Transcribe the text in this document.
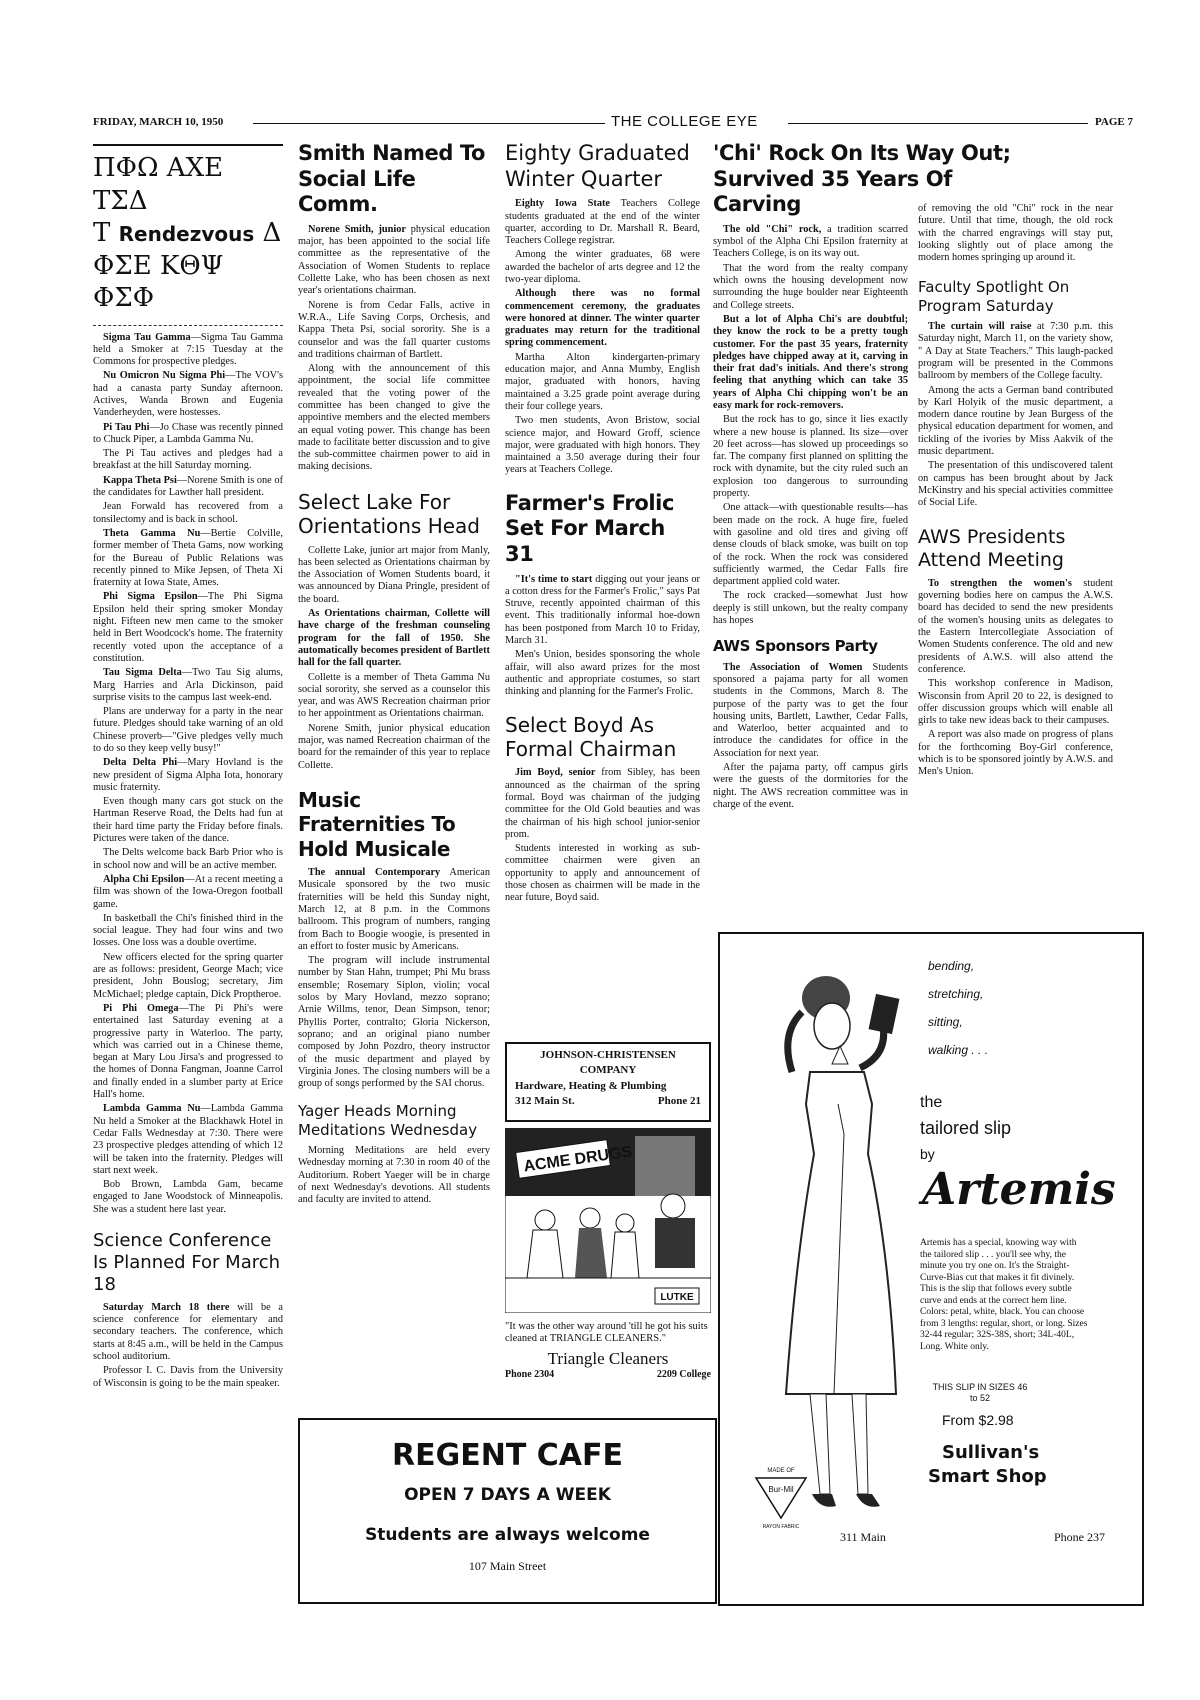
FRIDAY, MARCH 10, 1950	THE COLLEGE EYE	PAGE 7
ΠΦΩ ΑΧΕ ΤΣΔ
Τ Rendezvous Δ
ΦΣΕ ΚΘΨ ΦΣΦ

Sigma Tau Gamma—Sigma Tau Gamma held a Smoker at 7:15 Tuesday at the Commons for prospective pledges.

Nu Omicron Nu Sigma Phi—The VOV's had a canasta party Sunday afternoon. Actives, Wanda Brown and Eugenia Vanderheyden, were hostesses.

Pi Tau Phi—Jo Chase was recently pinned to Chuck Piper, a Lambda Gamma Nu.

The Pi Tau actives and pledges had a breakfast at the hill Saturday morning.

Kappa Theta Psi—Norene Smith is one of the candidates for Lawther hall president.

Jean Forwald has recovered from a tonsilectomy and is back in school.

Theta Gamma Nu—Bertie Colville, former member of Theta Gams, now working for the Bureau of Public Relations was recently pinned to Mike Jepsen, of Theta Xi fraternity at Iowa State, Ames.

Phi Sigma Epsilon—The Phi Sigma Epsilon held their spring smoker Monday night. Fifteen new men came to the smoker held in Bert Woodcock's home. The fraternity recently voted upon the acceptance of a constitution.

Tau Sigma Delta—Two Tau Sig alums, Marg Harries and Arla Dickinson, paid surprise visits to the campus last week-end.

Plans are underway for a party in the near future. Pledges should take warning of an old Chinese proverb—"Give pledges velly much to do so they keep velly busy!"

Delta Delta Phi—Mary Hovland is the new president of Sigma Alpha Iota, honorary music fraternity.

Even though many cars got stuck on the Hartman Reserve Road, the Delts had fun at their hard time party the Friday before finals. Pictures were taken of the dance.

The Delts welcome back Barb Prior who is in school now and will be an active member.

Alpha Chi Epsilon—At a recent meeting a film was shown of the Iowa-Oregon football game.

In basketball the Chi's finished third in the social league. They had four wins and two losses. One loss was a double overtime.

New officers elected for the spring quarter are as follows: president, George Mach; vice president, John Bouslog; secretary, Jim McMichael; pledge captain, Dick Proptheroe.

Pi Phi Omega—The Pi Phi's were entertained last Saturday evening at a progressive party in Waterloo. The party, which was carried out in a Chinese theme, began at Mary Lou Jirsa's and progressed to the homes of Donna Fangman, Joanne Carrol and finally ended in a slumber party at Erice Hall's home.

Lambda Gamma Nu—Lambda Gamma Nu held a Smoker at the Blackhawk Hotel in Cedar Falls Wednesday at 7:30. There were 23 prospective pledges attending of which 12 will be taken into the fraternity. Pledges will start next week.

Bob Brown, Lambda Gam, became engaged to Jane Woodstock of Minneapolis. She was a student here last year.

Science Conference Is Planned For March 18

Saturday March 18 there will be a science conference for elementary and secondary teachers. The conference, which starts at 8:45 a.m., will be held in the Campus school auditorium.

Professor I. C. Davis from the University of Wisconsin is going to be the main speaker.

Smith Named To Social Life Comm.

Norene Smith, junior physical education major, has been appointed to the social life committee as the representative of the Association of Women Students to replace Collette Lake, who has been chosen as next year's orientations chairman.

Norene is from Cedar Falls, active in W.R.A., Life Saving Corps, Orchesis, and Kappa Theta Psi, social sorority. She is a counselor and was the fall quarter customs and traditions chairman of Bartlett.

Along with the announcement of this appointment, the social life committee revealed that the voting power of the committee has been changed to give the appointive members and the elected members an equal voting power. This change has been made to facilitate better discussion and to give the sub-committee chairmen power to aid in making decisions.

Select Lake For Orientations Head

Collette Lake, junior art major from Manly, has been selected as Orientations chairman by the Association of Women Students board, it was announced by Diana Pringle, president of the board.

As Orientations chairman, Collette will have charge of the freshman counseling program for the fall of 1950. She automatically becomes president of Bartlett hall for the fall quarter.

Collette is a member of Theta Gamma Nu social sorority, she served as a counselor this year, and was AWS Recreation chairman prior to her appointment as Orientations chairman.

Norene Smith, junior physical education major, was named Recreation chairman of the board for the remainder of this year to replace Collette.

Music Fraternities To Hold Musicale

The annual Contemporary American Musicale sponsored by the two music fraternities will be held this Sunday night, March 12, at 8 p.m. in the Commons ballroom. This program of numbers, ranging from Bach to Boogie woogie, is presented in an effort to foster music by Americans.

The program will include instrumental number by Stan Hahn, trumpet; Phi Mu brass ensemble; Rosemary Siplon, violin; vocal solos by Mary Hovland, mezzo soprano; Arnie Willms, tenor, Dean Simpson, tenor; Phyllis Porter, contralto; Gloria Nickerson, soprano; and an original piano number composed by John Pozdro, theory instructor of the music department and played by Virginia Jones. The closing numbers will be a group of songs performed by the SAI chorus.

Yager Heads Morning Meditations Wednesday

Morning Meditations are held every Wednesday morning at 7:30 in room 40 of the Auditorium. Robert Yaeger will be in charge of next Wednesday's devotions. All students and faculty are invited to attend.

Eighty Graduated Winter Quarter

Eighty Iowa State Teachers College students graduated at the end of the winter quarter, according to Dr. Marshall R. Beard, Teachers College registrar.

Among the winter graduates, 68 were awarded the bachelor of arts degree and 12 the two-year diploma.

Although there was no formal commencement ceremony, the graduates were honored at dinner. The winter quarter graduates may return for the traditional spring commencement.

Martha Alton kindergarten-primary education major, and Anna Mumby, English major, graduated with honors, having maintained a 3.25 grade point average during their four college years.

Two men students, Avon Bristow, social science major, and Howard Groff, science major, were graduated with high honors. They maintained a 3.50 average during their four years at Teachers College.

Farmer's Frolic Set For March 31

"It's time to start digging out your jeans or a cotton dress for the Farmer's Frolic," says Pat Struve, recently appointed chairman of this event. This traditionally informal hoe-down has been postponed from March 10 to Friday, March 31.

Men's Union, besides sponsoring the whole affair, will also award prizes for the most authentic and appropriate costumes, so start thinking and planning for the Farmer's Frolic.

Select Boyd As Formal Chairman

Jim Boyd, senior from Sibley, has been announced as the chairman of the spring formal. Boyd was chairman of the judging committee for the Old Gold beauties and was the chairman of his high school junior-senior prom.

Students interested in working as sub-committee chairmen were given an opportunity to apply and announcement of those chosen as chairmen will be made in the near future, Boyd said.

'Chi' Rock On Its Way Out; Survived 35 Years Of Carving

The old "Chi" rock, a tradition scarred symbol of the Alpha Chi Epsilon fraternity at Teachers College, is on its way out.

That the word from the realty company which owns the housing development now surrounding the huge boulder near Eighteenth and College streets.

But a lot of Alpha Chi's are doubtful; they know the rock to be a pretty tough customer. For the past 35 years, fraternity pledges have chipped away at it, carving in their frat dad's initials. And there's strong feeling that anything which can take 35 years of Alpha Chi chipping won't be an easy mark for rock-removers.

But the rock has to go, since it lies exactly where a new house is planned. Its size—over 20 feet across—has slowed up proceedings so far. The company first planned on splitting the rock with dynamite, but the city ruled such an explosion too dangerous to surrounding property.

One attack—with questionable results—has been made on the rock. A huge fire, fueled with gasoline and old tires and giving off dense clouds of black smoke, was built on top of the rock. When the rock was considered sufficiently warmed, the Cedar Falls fire department applied cold water.

The rock cracked—somewhat Just how deeply is still unkown, but the realty company has hopes

AWS Sponsors Party

The Association of Women Students sponsored a pajama party for all women students in the Commons, March 8. The purpose of the party was to get the four housing units, Bartlett, Lawther, Cedar Falls, and Waterloo, better acquainted and to introduce the candidates for office in the Association for next year.

After the pajama party, off campus girls were the guests of the dormitories for the night. The AWS recreation committee was in charge of the event.

of removing the old "Chi" rock in the near future. Until that time, though, the old rock with the charred engravings will stay put, looking slightly out of place among the modern homes springing up around it.

Faculty Spotlight On Program Saturday

The curtain will raise at 7:30 p.m. this Saturday night, March 11, on the variety show, " A Day at State Teachers." This laugh-packed program will be presented in the Commons ballroom by members of the College faculty.

Among the acts a German band contributed by Karl Holyik of the music department, a modern dance routine by Jean Burgess of the physical education department for women, and tickling of the ivories by Miss Aakvik of the music department.

The presentation of this undiscovered talent on campus has been brought about by Jack McKinstry and his special activities committee of Social Life.

AWS Presidents Attend Meeting

To strengthen the women's student governing bodies here on campus the A.W.S. board has decided to send the new presidents of the women's housing units as delegates to the Eastern Intercollegiate Association of Women Students conference. The old and new presidents of A.W.S. will also attend the conference.

This workshop conference in Madison, Wisconsin from April 20 to 22, is designed to offer discussion groups which will enable all girls to take new ideas back to their campuses.

A report was also made on progress of plans for the forthcoming Boy-Girl conference, which is to be sponsored jointly by A.W.S. and Men's Union.

JOHNSON-CHRISTENSEN COMPANY
Hardware, Heating & Plumbing
312 Main St.	Phone 21
ACME DRUGS
LUTKE
"It was the other way around 'till he got his suits cleaned at TRIANGLE CLEANERS."
Triangle Cleaners
Phone 2304	2209 College
REGENT CAFE
OPEN 7 DAYS A WEEK
Students are always welcome
107 Main Street
bending,
stretching,
sitting,
walking . . .
the
tailored slip
by
Artemis
Artemis has a special, knowing way with the tailored slip . . . you'll see why, the minute you try one on. It's the Straight-Curve-Bias cut that makes it fit divinely. This is the slip that follows every subtle curve and ends at the correct hem line. Colors: petal, white, black. You can choose from 3 lengths: regular, short, or long. Sizes 32-44 regular; 32S-38S, short; 34L-40L, Long. White only.
THIS SLIP IN SIZES 46 to 52
From $2.98
Sullivan's
Smart Shop
MADE OF
Bur-Mil
RAYON FABRIC
311 Main	Phone 237
